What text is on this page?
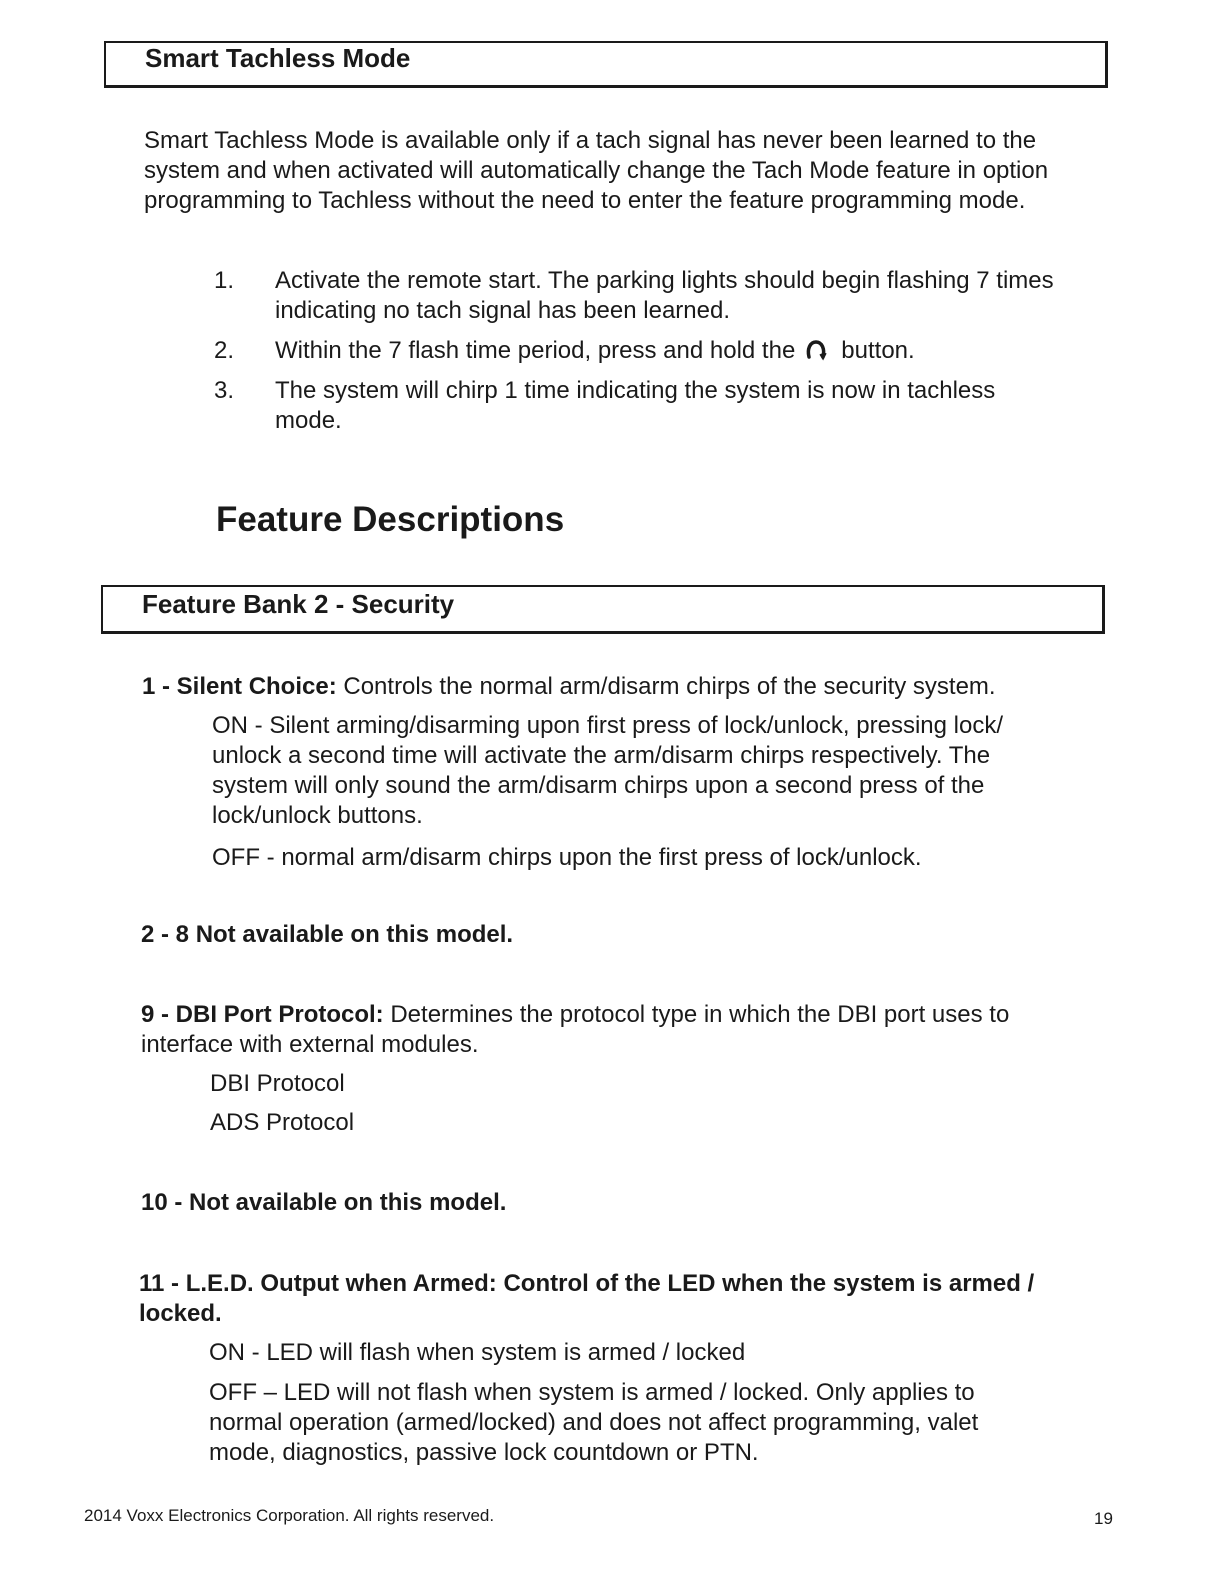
Smart Tachless Mode
Smart Tachless Mode is available only if a tach signal has never been learned to the system and when activated will automatically change the Tach Mode feature in option programming to Tachless without the need to enter the feature programming mode.
1. Activate the remote start. The parking lights should begin flashing 7 times indicating no tach signal has been learned.
2. Within the 7 flash time period, press and hold the button.
3. The system will chirp 1 time indicating the system is now in tachless mode.
Feature Descriptions
Feature Bank 2 - Security
1 - Silent Choice: Controls the normal arm/disarm chirps of the security system.
ON - Silent arming/disarming upon first press of lock/unlock, pressing lock/ unlock a second time will activate the arm/disarm chirps respectively. The system will only sound the arm/disarm chirps upon a second press of the lock/unlock buttons.
OFF - normal arm/disarm chirps upon the first press of lock/unlock.
2 - 8 Not available on this model.
9 - DBI Port Protocol: Determines the protocol type in which the DBI port uses to interface with external modules.
DBI Protocol
ADS Protocol
10 - Not available on this model.
11 - L.E.D. Output when Armed: Control of the LED when the system is armed / locked.
ON - LED will flash when system is armed / locked
OFF – LED will not flash when system is armed / locked. Only applies to normal operation (armed/locked) and does not affect programming, valet mode, diagnostics, passive lock countdown or PTN.
2014 Voxx Electronics Corporation. All rights reserved.	19
